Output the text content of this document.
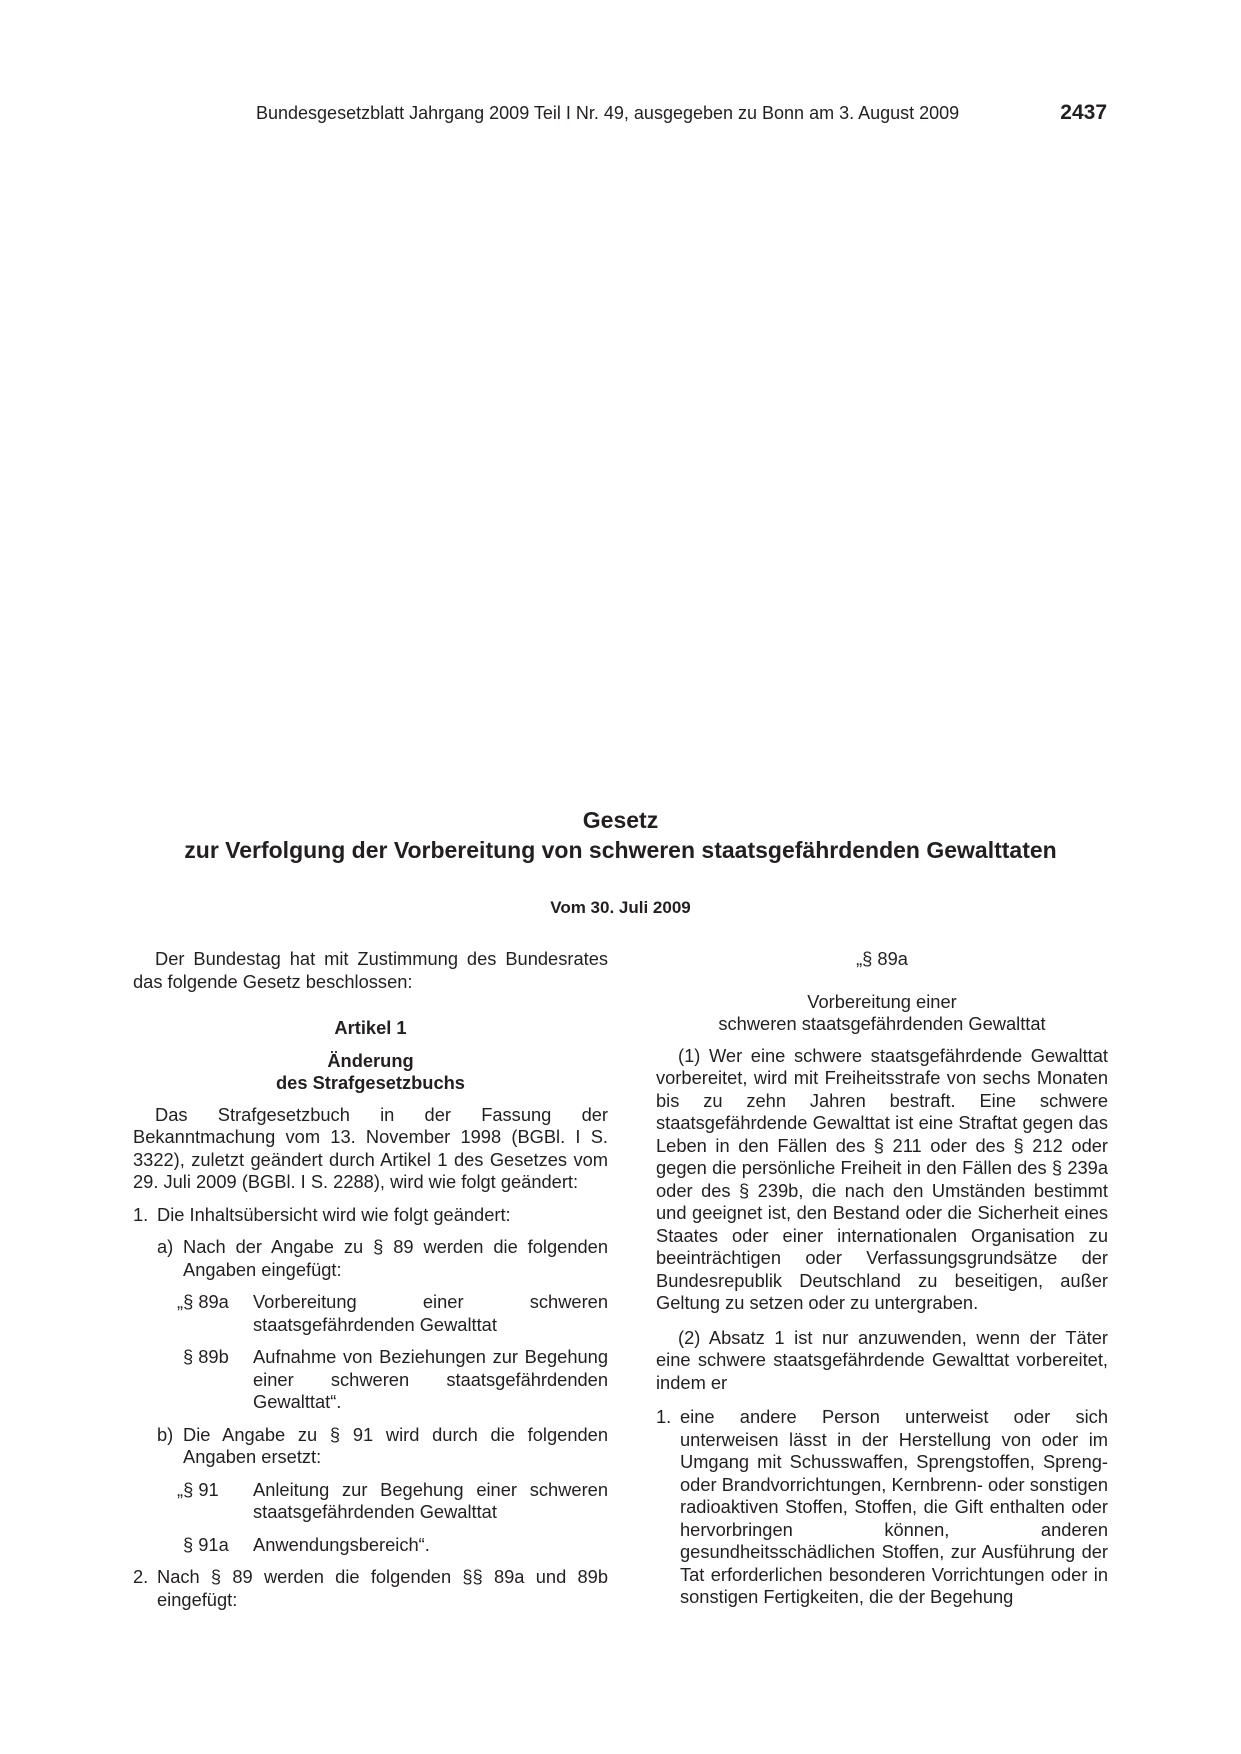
Bundesgesetzblatt Jahrgang 2009 Teil I Nr. 49, ausgegeben zu Bonn am 3. August 2009	2437
Gesetz
zur Verfolgung der Vorbereitung von schweren staatsgefährdenden Gewalttaten
Vom 30. Juli 2009

Der Bundestag hat mit Zustimmung des Bundesrates das folgende Gesetz beschlossen:

Artikel 1

Änderung

des Strafgesetzbuchs

Das Strafgesetzbuch in der Fassung der Bekanntmachung vom 13. November 1998 (BGBl. I S. 3322), zuletzt geändert durch Artikel 1 des Gesetzes vom 29. Juli 2009 (BGBl. I S. 2288), wird wie folgt geändert:

1. Die Inhaltsübersicht wird wie folgt geändert:

a) Nach der Angabe zu § 89 werden die folgenden Angaben eingefügt:

„§ 89a Vorbereitung einer schweren staatsgefährdenden Gewalttat

§ 89b Aufnahme von Beziehungen zur Begehung einer schweren staatsgefährdenden Gewalttat“.

b) Die Angabe zu § 91 wird durch die folgenden Angaben ersetzt:

„§ 91 Anleitung zur Begehung einer schweren staatsgefährdenden Gewalttat

§ 91a Anwendungsbereich“.

2. Nach § 89 werden die folgenden §§ 89a und 89b eingefügt:

„§ 89a

Vorbereitung einer

schweren staatsgefährdenden Gewalttat

(1) Wer eine schwere staatsgefährdende Gewalttat vorbereitet, wird mit Freiheitsstrafe von sechs Monaten bis zu zehn Jahren bestraft. Eine schwere staatsgefährdende Gewalttat ist eine Straftat gegen das Leben in den Fällen des § 211 oder des § 212 oder gegen die persönliche Freiheit in den Fällen des § 239a oder des § 239b, die nach den Umständen bestimmt und geeignet ist, den Bestand oder die Sicherheit eines Staates oder einer internationalen Organisation zu beeinträchtigen oder Verfassungsgrundsätze der Bundesrepublik Deutschland zu beseitigen, außer Geltung zu setzen oder zu untergraben.

(2) Absatz 1 ist nur anzuwenden, wenn der Täter eine schwere staatsgefährdende Gewalttat vorbereitet, indem er

1. eine andere Person unterweist oder sich unterweisen lässt in der Herstellung von oder im Umgang mit Schusswaffen, Sprengstoffen, Spreng- oder Brandvorrichtungen, Kernbrenn- oder sonstigen radioaktiven Stoffen, Stoffen, die Gift enthalten oder hervorbringen können, anderen gesundheitsschädlichen Stoffen, zur Ausführung der Tat erforderlichen besonderen Vorrichtungen oder in sonstigen Fertigkeiten, die der Begehung
